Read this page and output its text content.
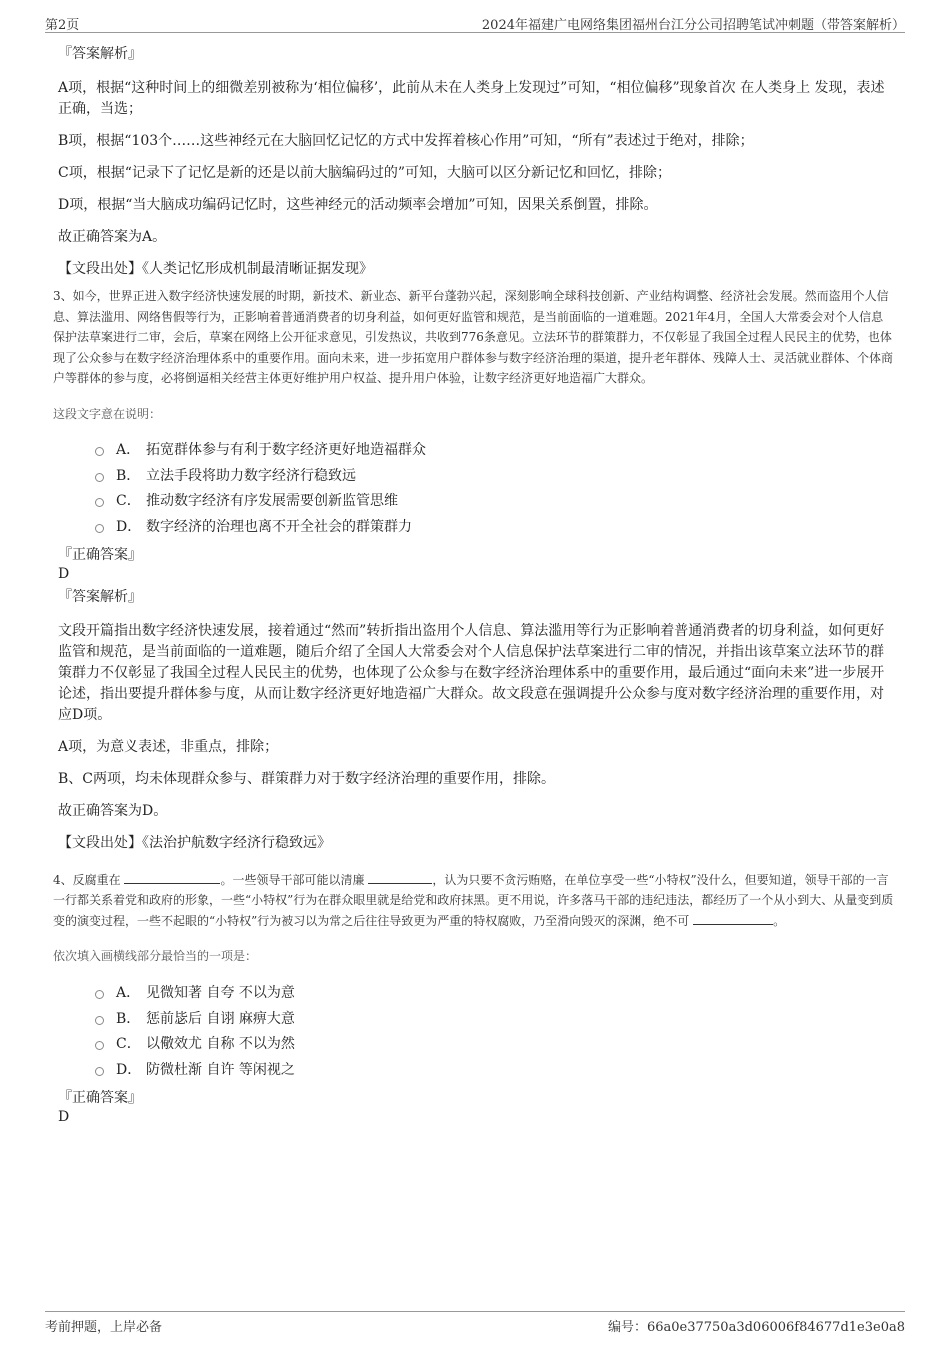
第2页	2024年福建广电网络集团福州台江分公司招聘笔试冲刺题（带答案解析）
『答案解析』

A项，根据“这种时间上的细微差别被称为‘相位偏移’，此前从未在人类身上发现过”可知，“相位偏移”现象首次 在人类身上 发现，表述正确，当选；

B项，根据“103个……这些神经元在大脑回忆记忆的方式中发挥着核心作用”可知，“所有”表述过于绝对，排除；

C项，根据“记录下了记忆是新的还是以前大脑编码过的”可知，大脑可以区分新记忆和回忆，排除；

D项，根据“当大脑成功编码记忆时，这些神经元的活动频率会增加”可知，因果关系倒置，排除。

故正确答案为A。

【文段出处】《人类记忆形成机制最清晰证据发现》

3、如今，世界正进入数字经济快速发展的时期，新技术、新业态、新平台蓬勃兴起，深刻影响全球科技创新、产业结构调整、经济社会发展。然而盗用个人信息、算法滥用、网络售假等行为，正影响着普通消费者的切身利益，如何更好监管和规范，是当前面临的一道难题。2021年4月，全国人大常委会对个人信息保护法草案进行二审，会后，草案在网络上公开征求意见，引发热议，共收到776条意见。立法环节的群策群力，不仅彰显了我国全过程人民民主的优势，也体现了公众参与在数字经济治理体系中的重要作用。面向未来，进一步拓宽用户群体参与数字经济治理的渠道，提升老年群体、残障人士、灵活就业群体、个体商户等群体的参与度，必将倒逼相关经营主体更好维护用户权益、提升用户体验，让数字经济更好地造福广大群众。

这段文字意在说明：

A． 拓宽群体参与有利于数字经济更好地造福群众
B． 立法手段将助力数字经济行稳致远
C． 推动数字经济有序发展需要创新监管思维
D． 数字经济的治理也离不开全社会的群策群力
『正确答案』
D
『答案解析』

文段开篇指出数字经济快速发展，接着通过“然而”转折指出盗用个人信息、算法滥用等行为正影响着普通消费者的切身利益，如何更好监管和规范，是当前面临的一道难题，随后介绍了全国人大常委会对个人信息保护法草案进行二审的情况，并指出该草案立法环节的群策群力不仅彰显了我国全过程人民民主的优势，也体现了公众参与在数字经济治理体系中的重要作用，最后通过“面向未来”进一步展开论述，指出要提升群体参与度，从而让数字经济更好地造福广大群众。故文段意在强调提升公众参与度对数字经济治理的重要作用，对应D项。

A项，为意义表述，非重点，排除；

B、C两项，均未体现群众参与、群策群力对于数字经济治理的重要作用，排除。

故正确答案为D。

【文段出处】《法治护航数字经济行稳致远》

4、反腐重在	。一些领导干部可能以清廉	，认为只要不贪污贿赂，在单位享受一些“小特权”没什么，但要知道，领导干部的一言一行都关系着党和政府的形象，一些“小特权”行为在群众眼里就是给党和政府抹黑。更不用说，许多落马干部的违纪违法，都经历了一个从小到大、从量变到质变的演变过程，一些不起眼的“小特权”行为被习以为常之后往往导致更为严重的特权腐败，乃至滑向毁灭的深渊，绝不可	。

依次填入画横线部分最恰当的一项是：

A． 见微知著 自夸 不以为意
B． 惩前毖后 自诩 麻痹大意
C． 以儆效尤 自称 不以为然
D． 防微杜渐 自许 等闲视之
『正确答案』
D
考前押题，上岸必备	编号：66a0e37750a3d06006f84677d1e3e0a8
